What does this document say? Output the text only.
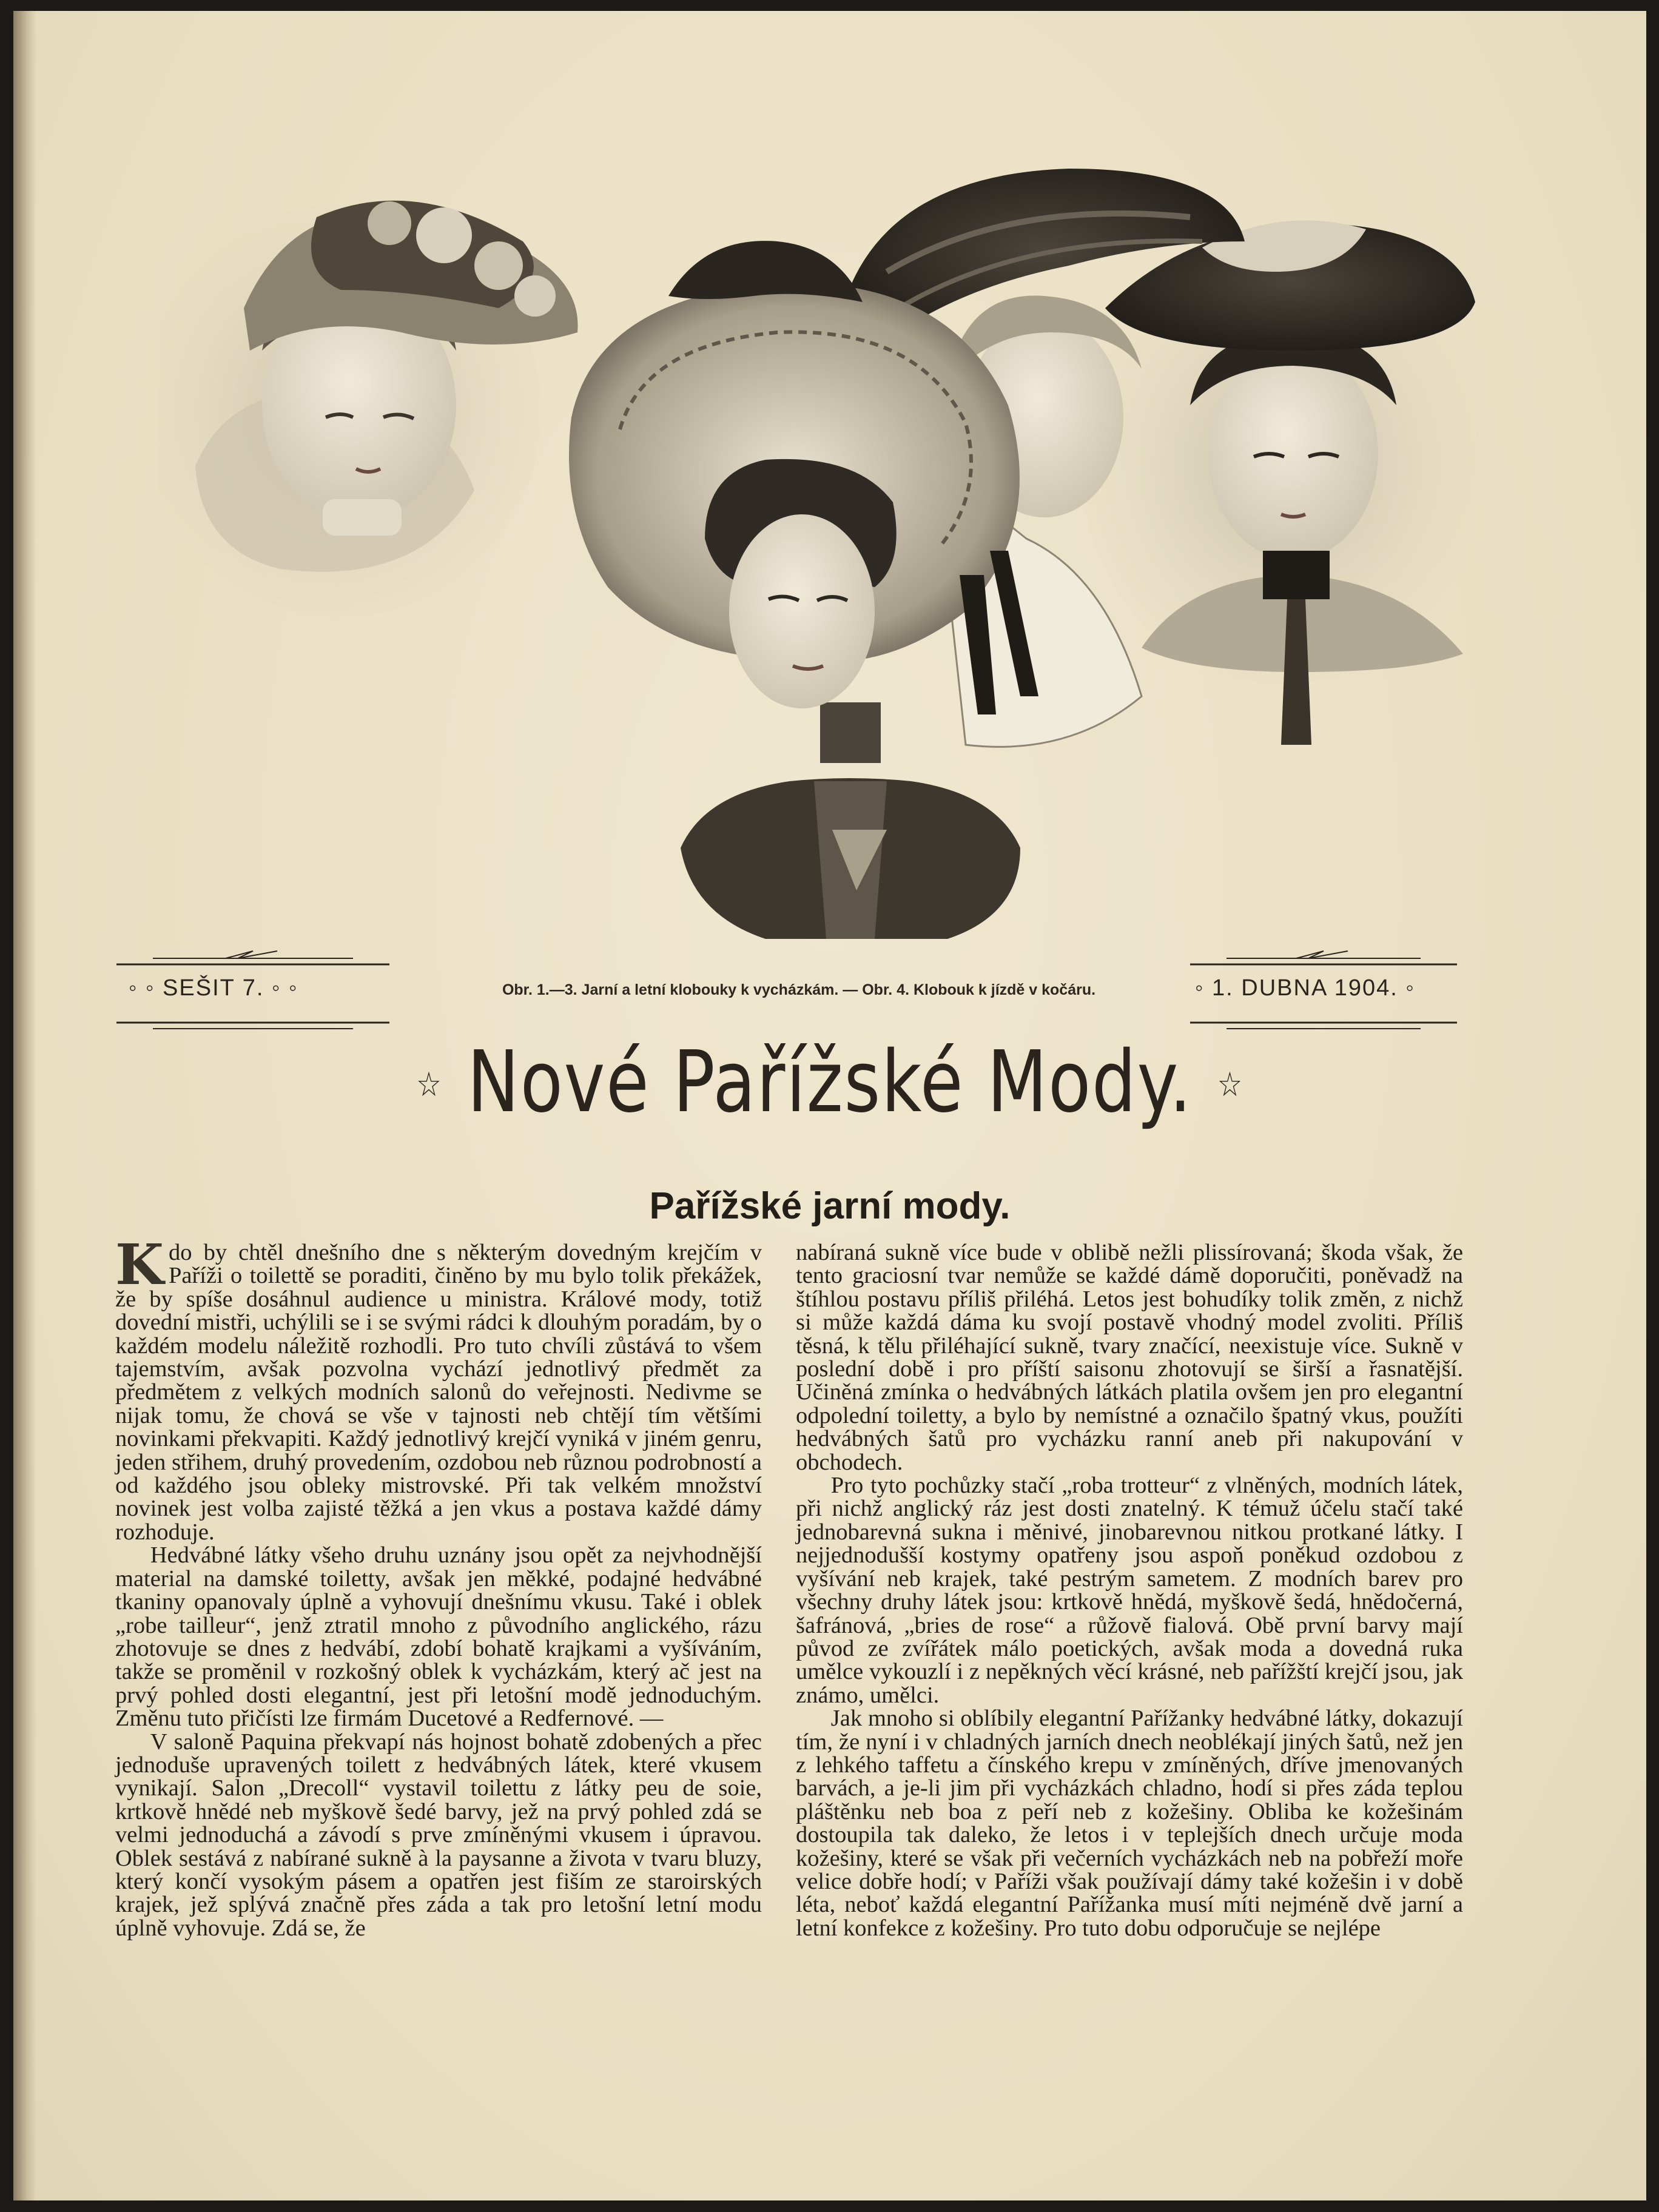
◦ ◦ SEŠIT 7. ◦ ◦	Obr. 1.—3. Jarní a letní klobouky k vycházkám. — Obr. 4. Klobouk k jízdě v kočáru.	◦ 1. DUBNA 1904. ◦
☆ Nové Pařížské Mody. ☆
Pařížské jarní mody.

Kdo by chtěl dnešního dne s některým dovedným krejčím v Paříži o toilettě se poraditi, činěno by mu bylo tolik překážek, že by spíše dosáhnul audience u ministra. Králové mody, totiž dovední mistři, uchýlili se i se svými rádci k dlouhým poradám, by o každém modelu náležitě rozhodli. Pro tuto chvíli zůstává to všem tajemstvím, avšak pozvolna vychází jednotlivý předmět za předmětem z velkých modních salonů do veřejnosti. Nedivme se nijak tomu, že chová se vše v tajnosti neb chtějí tím většími novinkami překvapiti. Každý jednotlivý krejčí vyniká v jiném genru, jeden střihem, druhý provedením, ozdobou neb různou podrobností a od každého jsou obleky mistrovské. Při tak velkém množství novinek jest volba zajisté těžká a jen vkus a postava každé dámy rozhoduje.

Hedvábné látky všeho druhu uznány jsou opět za nejvhodnější material na damské toiletty, avšak jen měkké, podajné hedvábné tkaniny opanovaly úplně a vyhovují dnešnímu vkusu. Také i oblek „robe tailleur“, jenž ztratil mnoho z původního anglického, rázu zhotovuje se dnes z hedvábí, zdobí bohatě krajkami a vyšíváním, takže se proměnil v rozkošný oblek k vycházkám, který ač jest na prvý pohled dosti elegantní, jest při letošní modě jednoduchým. Změnu tuto přičísti lze firmám Ducetové a Redfernové. —

V saloně Paquina překvapí nás hojnost bohatě zdobených a přec jednoduše upravených toilett z hedvábných látek, které vkusem vynikají. Salon „Drecoll“ vystavil toilettu z látky peu de soie, krtkově hnědé neb myškově šedé barvy, jež na prvý pohled zdá se velmi jednoduchá a závodí s prve zmíněnými vkusem i úpravou. Oblek sestává z nabírané sukně à la paysanne a života v tvaru bluzy, který končí vysokým pásem a opatřen jest fiším ze staroirských krajek, jež splývá značně přes záda a tak pro letošní letní modu úplně vyhovuje. Zdá se, že

nabíraná sukně více bude v oblibě nežli plissírovaná; škoda však, že tento graciosní tvar nemůže se každé dámě doporučiti, poněvadž na štíhlou postavu příliš přiléhá. Letos jest bohudíky tolik změn, z nichž si může každá dáma ku svojí postavě vhodný model zvoliti. Příliš těsná, k tělu přiléhající sukně, tvary značící, neexistuje více. Sukně v poslední době i pro příští saisonu zhotovují se širší a řasnatější. Učiněná zmínka o hedvábných látkách platila ovšem jen pro elegantní odpolední toiletty, a bylo by nemístné a označilo špatný vkus, použíti hedvábných šatů pro vycházku ranní aneb při nakupování v obchodech.

Pro tyto pochůzky stačí „roba trotteur“ z vlněných, modních látek, při nichž anglický ráz jest dosti znatelný. K témuž účelu stačí také jednobarevná sukna i měnivé, jinobarevnou nitkou protkané látky. I nejjednodušší kostymy opatřeny jsou aspoň poněkud ozdobou z vyšívání neb krajek, také pestrým sametem. Z modních barev pro všechny druhy látek jsou: krtkově hnědá, myškově šedá, hnědočerná, šafránová, „bries de rose“ a růžově fialová. Obě první barvy mají původ ze zvířátek málo poetických, avšak moda a dovedná ruka umělce vykouzlí i z nepěkných věcí krásné, neb pařížští krejčí jsou, jak známo, umělci.

Jak mnoho si oblíbily elegantní Pařížanky hedvábné látky, dokazují tím, že nyní i v chladných jarních dnech neoblékají jiných šatů, než jen z lehkého taffetu a čínského krepu v zmíněných, dříve jmenovaných barvách, a je-li jim při vycházkách chladno, hodí si přes záda teplou pláštěnku neb boa z peří neb z kožešiny. Obliba ke kožešinám dostoupila tak daleko, že letos i v teplejších dnech určuje moda kožešiny, které se však při večerních vycházkách neb na pobřeží moře velice dobře hodí; v Paříži však používají dámy také kožešin i v době léta, neboť každá elegantní Pařížanka musí míti nejméně dvě jarní a letní konfekce z kožešiny. Pro tuto dobu odporučuje se nejlépe
